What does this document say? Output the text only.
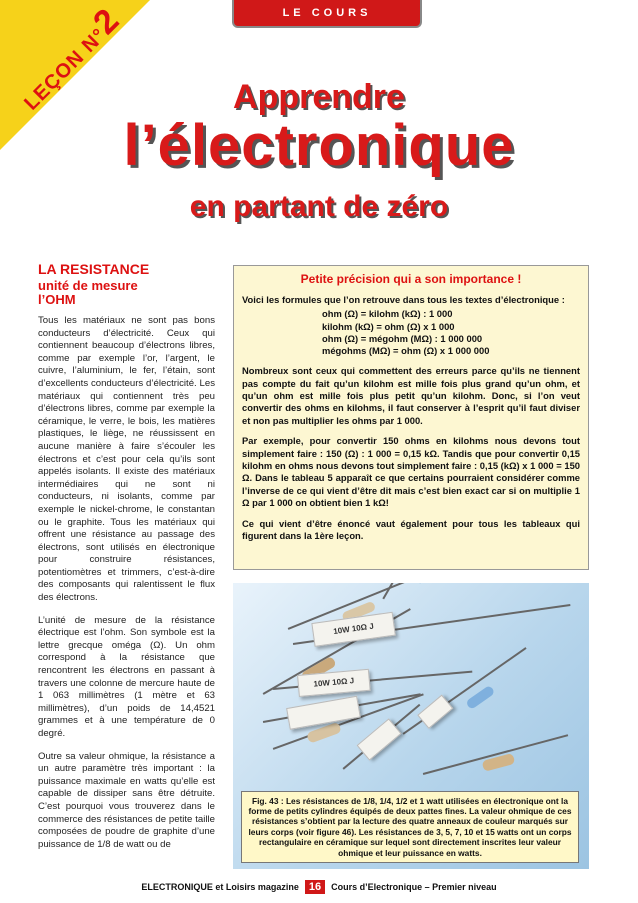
LEÇON N°2	LE COURS
Apprendre
l’électronique
en partant de zéro
LA RESISTANCE
unité de mesure
l’OHM

Tous les matériaux ne sont pas bons conducteurs d’électricité. Ceux qui contiennent beaucoup d’électrons libres, comme par exemple l’or, l’argent, le cuivre, l’aluminium, le fer, l’étain, sont d’excellents conducteurs d’électricité. Les matériaux qui contiennent très peu d’électrons libres, comme par exemple la céramique, le verre, le bois, les matières plastiques, le liège, ne réussissent en aucune manière à faire s’écouler les électrons et c’est pour cela qu’ils sont appelés isolants. Il existe des matériaux intermédiaires qui ne sont ni conducteurs, ni isolants, comme par exemple le nickel-chrome, le constantan ou le graphite. Tous les matériaux qui offrent une résistance au passage des électrons, sont utilisés en électronique pour construire résistances, potentiomètres et trimmers, c’est-à-dire des composants qui ralentissent le flux des électrons.

L’unité de mesure de la résistance électrique est l’ohm. Son symbole est la lettre grecque oméga (Ω). Un ohm correspond à la résistance que rencontrent les électrons en passant à travers une colonne de mercure haute de 1 063 millimètres (1 mètre et 63 millimètres), d’un poids de 14,4521 grammes et à une température de 0 degré.

Outre sa valeur ohmique, la résistance a un autre paramètre très important : la puissance maximale en watts qu’elle est capable de dissiper sans être détruite. C’est pourquoi vous trouverez dans le commerce des résistances de petite taille composées de poudre de graphite d’une puissance de 1/8 de watt ou de

Petite précision qui a son importance !

Voici les formules que l’on retrouve dans tous les textes d’électronique :

ohm (Ω) = kilohm (kΩ) : 1 000
kilohm (kΩ) = ohm (Ω) x 1 000
ohm (Ω) = mégohm (MΩ) : 1 000 000
mégohms (MΩ) = ohm (Ω) x 1 000 000

Nombreux sont ceux qui commettent des erreurs parce qu’ils ne tiennent pas compte du fait qu’un kilohm est mille fois plus grand qu’un ohm, et qu’un ohm est mille fois plus petit qu’un kilohm. Donc, si l’on veut convertir des ohms en kilohms, il faut conserver à l’esprit qu’il faut diviser et non pas multiplier les ohms par 1 000.

Par exemple, pour convertir 150 ohms en kilohms nous devons tout simplement faire : 150 (Ω) : 1 000 = 0,15 kΩ. Tandis que pour convertir 0,15 kilohm en ohms nous devons tout simplement faire : 0,15 (kΩ) x 1 000 = 150 Ω. Dans le tableau 5 apparaît ce que certains pourraient considérer comme l’inverse de ce qui vient d’être dit mais c’est bien exact car si on multiplie 1 Ω par 1 000 on obtient bien 1 kΩ!

Ce qui vient d’être énoncé vaut également pour tous les tableaux qui figurent dans la 1ère leçon.

10W 10Ω J
10W 10Ω J
Fig. 43 : Les résistances de 1/8, 1/4, 1/2 et 1 watt utilisées en électronique ont la forme de petits cylindres équipés de deux pattes fines. La valeur ohmique de ces résistances s’obtient par la lecture des quatre anneaux de couleur marqués sur leurs corps (voir figure 46). Les résistances de 3, 5, 7, 10 et 15 watts ont un corps rectangulaire en céramique sur lequel sont directement inscrites leur valeur ohmique et leur puissance en watts.
ELECTRONIQUE et Loisirs magazine 16 Cours d’Electronique – Premier niveau
